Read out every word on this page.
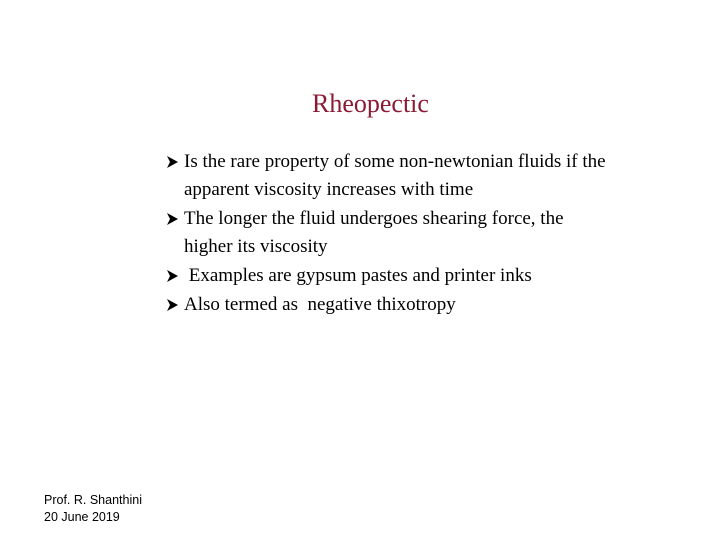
Rheopectic
Is the rare property of some non-newtonian fluids if the apparent viscosity increases with time
The longer the fluid undergoes shearing force, the higher its viscosity
Examples are gypsum pastes and printer inks
Also termed as  negative thixotropy
Prof. R. Shanthini
20 June 2019
